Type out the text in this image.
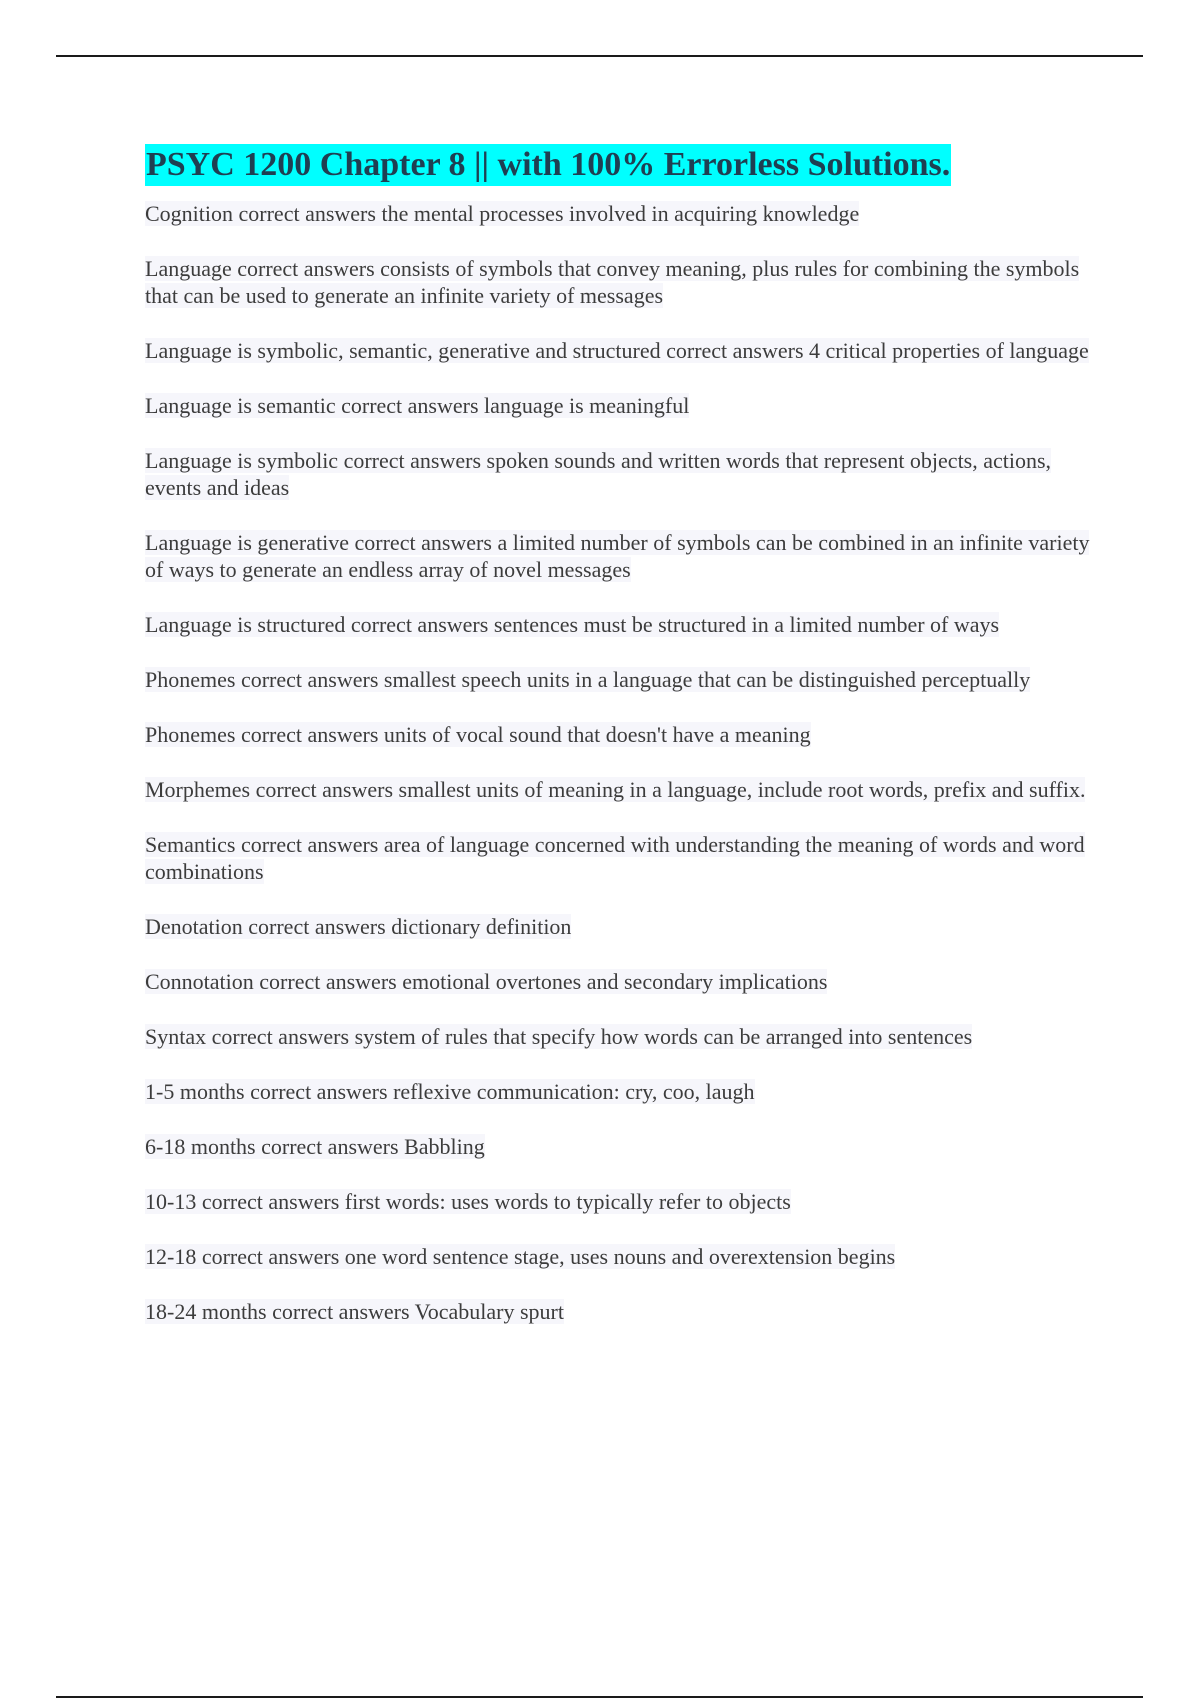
PSYC 1200 Chapter 8 || with 100% Errorless Solutions.
Cognition correct answers the mental processes involved in acquiring knowledge
Language correct answers consists of symbols that convey meaning, plus rules for combining the symbols that can be used to generate an infinite variety of messages
Language is symbolic, semantic, generative and structured correct answers 4 critical properties of language
Language is semantic correct answers language is meaningful
Language is symbolic correct answers spoken sounds and written words that represent objects, actions, events and ideas
Language is generative correct answers a limited number of symbols can be combined in an infinite variety of ways to generate an endless array of novel messages
Language is structured correct answers sentences must be structured in a limited number of ways
Phonemes correct answers smallest speech units in a language that can be distinguished perceptually
Phonemes correct answers units of vocal sound that doesn't have a meaning
Morphemes correct answers smallest units of meaning in a language, include root words, prefix and suffix.
Semantics correct answers area of language concerned with understanding the meaning of words and word combinations
Denotation correct answers dictionary definition
Connotation correct answers emotional overtones and secondary implications
Syntax correct answers system of rules that specify how words can be arranged into sentences
1-5 months correct answers reflexive communication: cry, coo, laugh
6-18 months correct answers Babbling
10-13 correct answers first words: uses words to typically refer to objects
12-18 correct answers one word sentence stage, uses nouns and overextension begins
18-24 months correct answers Vocabulary spurt
